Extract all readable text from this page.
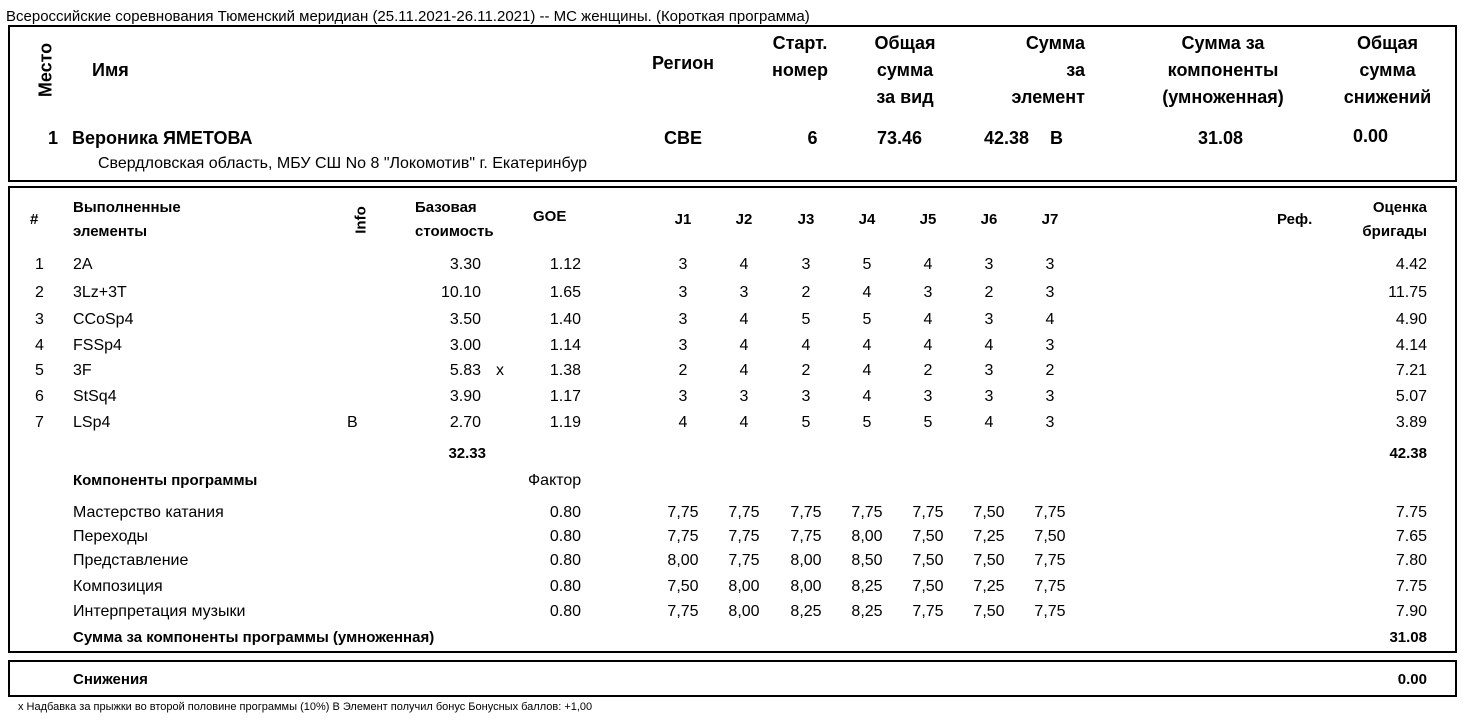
Всероссийские соревнования Тюменский меридиан (25.11.2021-26.11.2021) -- МС женщины. (Короткая программа)
Место Имя	Регион
Старт.
номер
Общая
сумма
за вид
Сумма
за
элемент
Сумма за
компоненты
(умноженная)
Общая
сумма
снижений
1 Вероника ЯМЕТОВА	CBE	6	73.46	42.38 B	31.08	0.00
Свердловская область, МБУ СШ No 8 "Локомотив" г. Екатеринбур
#
Выполненные
элементы	Info	Базовая
стоимость
GOE	J1	J2	J3	J4	J5	J6	J7	Реф.
Оценка
бригады
1 2A	3.30	1.12	3	4	3	5	4	3	3	4.42
2 3Lz+3T	10.10	1.65	3	3	2	4	3	2	3	11.75
3 CCoSp4	3.50	1.40	3	4	5	5	4	3	4	4.90
4 FSSp4	3.00	1.14	3	4	4	4	4	4	3	4.14
5 3F	5.83 x	1.38	2	4	2	4	2	3	2	7.21
6 StSq4	3.90	1.17	3	3	3	4	3	3	3	5.07
7 LSp4	B	2.70	1.19	4	4	5	5	5	4	3	3.89
32.33	42.38
Компоненты программы	Фактор
Мастерство катания	0.80	7,75	7,75	7,75	7,75	7,75	7,50	7,75	7.75
Переходы	0.80	7,75	7,75	7,75	8,00	7,50	7,25	7,50	7.65
Представление	0.80	8,00	7,75	8,00	8,50	7,50	7,50	7,75	7.80
Композиция	0.80	7,50	8,00	8,00	8,25	7,50	7,25	7,75	7.75
Интерпретация музыки	0.80	7,75	8,00	8,25	8,25	7,75	7,50	7,75	7.90
Сумма за компоненты программы (умноженная)	31.08
Снижения	0.00
x Надбавка за прыжки во второй половине программы (10%) B Элемент получил бонус Бонусных баллов: +1,00
